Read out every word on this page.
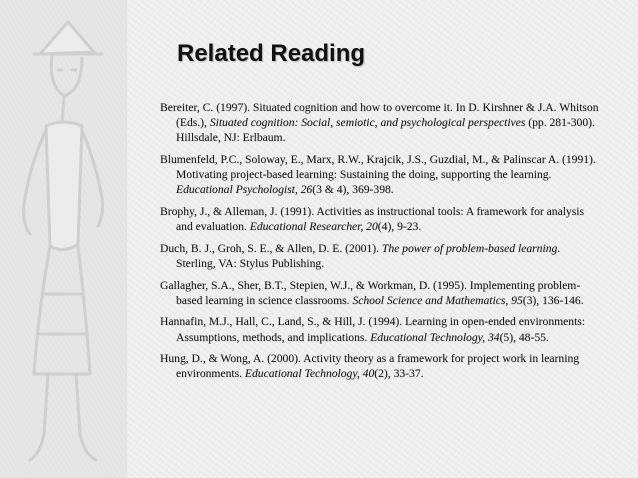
Related Reading
Bereiter, C. (1997). Situated cognition and how to overcome it. In D. Kirshner & J.A. Whitson (Eds.), Situated cognition: Social, semiotic, and psychological perspectives (pp. 281-300). Hillsdale, NJ: Erlbaum.
Blumenfeld, P.C., Soloway, E., Marx, R.W., Krajcik, J.S., Guzdial, M., & Palinscar A. (1991). Motivating project-based learning: Sustaining the doing, supporting the learning. Educational Psychologist, 26(3 & 4), 369-398.
Brophy, J., & Alleman, J. (1991). Activities as instructional tools: A framework for analysis and evaluation. Educational Researcher, 20(4), 9-23.
Duch, B. J., Groh, S. E., & Allen, D. E. (2001). The power of problem-based learning. Sterling, VA: Stylus Publishing.
Gallagher, S.A., Sher, B.T., Stepien, W.J., & Workman, D. (1995). Implementing problem-based learning in science classrooms. School Science and Mathematics, 95(3), 136-146.
Hannafin, M.J., Hall, C., Land, S., & Hill, J. (1994). Learning in open-ended environments: Assumptions, methods, and implications. Educational Technology, 34(5), 48-55.
Hung, D., & Wong, A. (2000). Activity theory as a framework for project work in learning environments. Educational Technology, 40(2), 33-37.
